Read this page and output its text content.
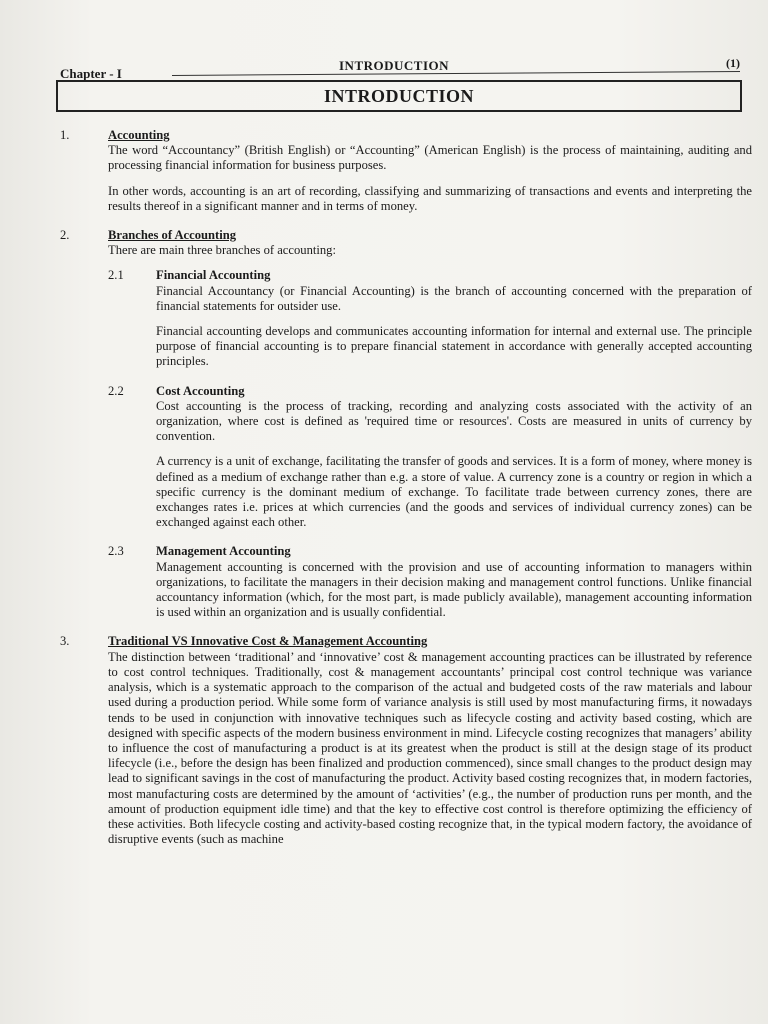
Chapter - I
INTRODUCTION	(1)
INTRODUCTION
1.	Accounting

The word “Accountancy” (British English) or “Accounting” (American English) is the process of maintaining, auditing and processing financial information for business purposes.

In other words, accounting is an art of recording, classifying and summarizing of transactions and events and interpreting the results thereof in a significant manner and in terms of money.

2.	Branches of Accounting

There are main three branches of accounting:

2.1	Financial Accounting

Financial Accountancy (or Financial Accounting) is the branch of accounting concerned with the preparation of financial statements for outsider use.

Financial accounting develops and communicates accounting information for internal and external use. The principle purpose of financial accounting is to prepare financial statement in accordance with generally accepted accounting principles.

2.2	Cost Accounting

Cost accounting is the process of tracking, recording and analyzing costs associated with the activity of an organization, where cost is defined as 'required time or resources'. Costs are measured in units of currency by convention.

A currency is a unit of exchange, facilitating the transfer of goods and services. It is a form of money, where money is defined as a medium of exchange rather than e.g. a store of value. A currency zone is a country or region in which a specific currency is the dominant medium of exchange. To facilitate trade between currency zones, there are exchanges rates i.e. prices at which currencies (and the goods and services of individual currency zones) can be exchanged against each other.

2.3	Management Accounting

Management accounting is concerned with the provision and use of accounting information to managers within organizations, to facilitate the managers in their decision making and management control functions. Unlike financial accountancy information (which, for the most part, is made publicly available), management accounting information is used within an organization and is usually confidential.

3.	Traditional VS Innovative Cost & Management Accounting

The distinction between ‘traditional’ and ‘innovative’ cost & management accounting practices can be illustrated by reference to cost control techniques. Traditionally, cost & management accountants’ principal cost control technique was variance analysis, which is a systematic approach to the comparison of the actual and budgeted costs of the raw materials and labour used during a production period. While some form of variance analysis is still used by most manufacturing firms, it nowadays tends to be used in conjunction with innovative techniques such as lifecycle costing and activity based costing, which are designed with specific aspects of the modern business environment in mind. Lifecycle costing recognizes that managers’ ability to influence the cost of manufacturing a product is at its greatest when the product is still at the design stage of its product lifecycle (i.e., before the design has been finalized and production commenced), since small changes to the product design may lead to significant savings in the cost of manufacturing the product. Activity based costing recognizes that, in modern factories, most manufacturing costs are determined by the amount of ‘activities’ (e.g., the number of production runs per month, and the amount of production equipment idle time) and that the key to effective cost control is therefore optimizing the efficiency of these activities. Both lifecycle costing and activity-based costing recognize that, in the typical modern factory, the avoidance of disruptive events (such as machine
